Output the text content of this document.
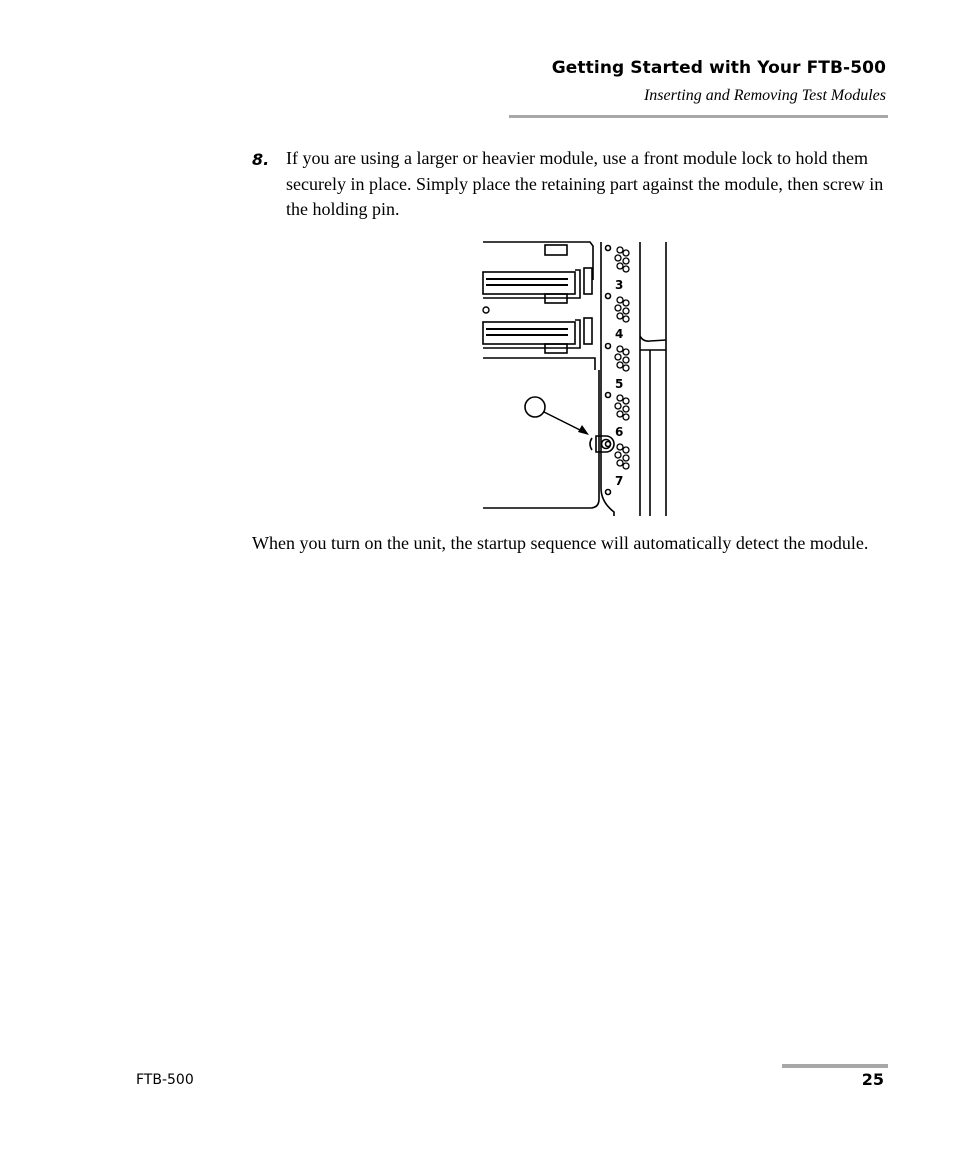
Getting Started with Your FTB-500
Inserting and Removing Test Modules
8. If you are using a larger or heavier module, use a front module lock to hold them securely in place. Simply place the retaining part against the module, then screw in the holding pin.
3
4
5
6
7
When you turn on the unit, the startup sequence will automatically detect the module.
FTB-500	25
